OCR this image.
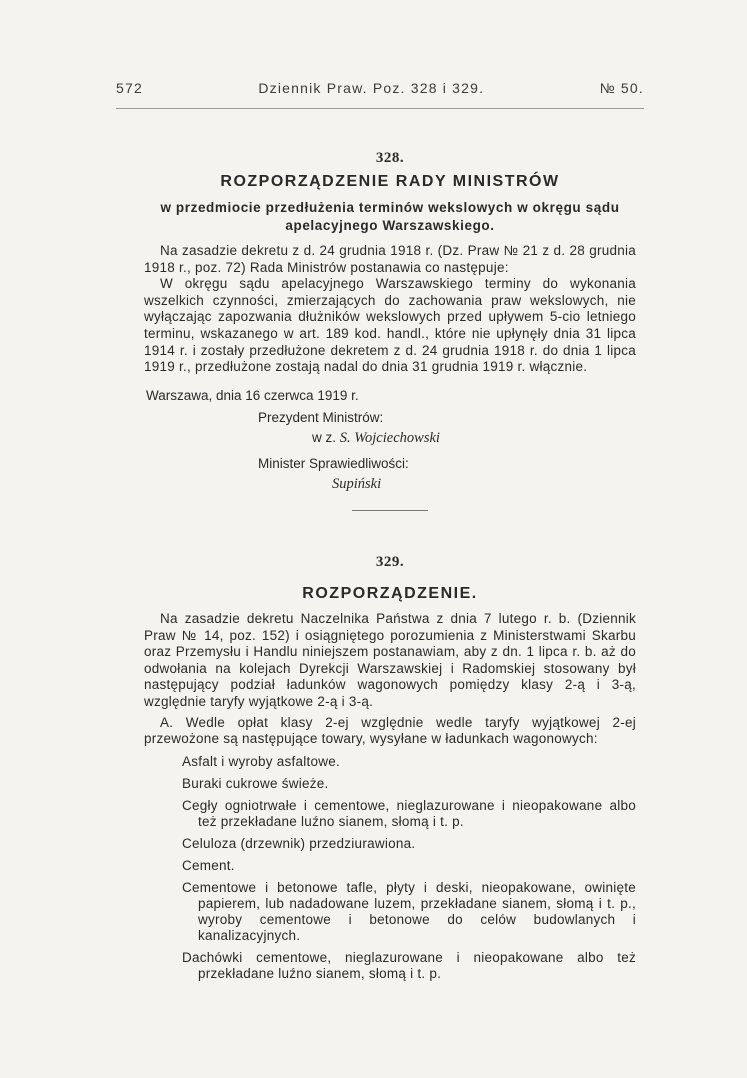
572	Dziennik Praw. Poz. 328 i 329.	№ 50.
328.
ROZPORZĄDZENIE RADY MINISTRÓW
w przedmiocie przedłużenia terminów wekslowych w okręgu sądu apelacyjnego Warszawskiego.

Na zasadzie dekretu z d. 24 grudnia 1918 r. (Dz. Praw № 21 z d. 28 grudnia 1918 r., poz. 72) Rada Ministrów postanawia co następuje:

W okręgu sądu apelacyjnego Warszawskiego terminy do wykonania wszelkich czynności, zmierzających do zachowania praw wekslowych, nie wyłączając zapozwania dłużników wekslowych przed upływem 5-cio letniego terminu, wskazanego w art. 189 kod. handl., które nie upłynęły dnia 31 lipca 1914 r. i zostały przedłużone dekretem z d. 24 grudnia 1918 r. do dnia 1 lipca 1919 r., przedłużone zostają nadal do dnia 31 grudnia 1919 r. włącznie.

Warszawa, dnia 16 czerwca 1919 r.
Prezydent Ministrów:
w z. S. Wojciechowski
Minister Sprawiedliwości:
Supiński
329.
ROZPORZĄDZENIE.

Na zasadzie dekretu Naczelnika Państwa z dnia 7 lutego r. b. (Dziennik Praw № 14, poz. 152) i osiągniętego porozumienia z Ministerstwami Skarbu oraz Przemysłu i Handlu niniejszem postanawiam, aby z dn. 1 lipca r. b. aż do odwołania na kolejach Dyrekcji Warszawskiej i Radomskiej stosowany był następujący podział ładunków wagonowych pomiędzy klasy 2-ą i 3-ą, względnie taryfy wyjątkowe 2-ą i 3-ą.

A. Wedle opłat klasy 2-ej względnie wedle taryfy wyjątkowej 2-ej przewożone są następujące towary, wysyłane w ładunkach wagonowych:

Asfalt i wyroby asfaltowe.

Buraki cukrowe świeże.

Cegły ogniotrwałe i cementowe, nieglazurowane i nieopakowane albo też przekładane luźno sianem, słomą i t. p.

Celuloza (drzewnik) przedziurawiona.

Cement.

Cementowe i betonowe tafle, płyty i deski, nieopakowane, owinięte papierem, lub nadadowane luzem, przekładane sianem, słomą i t. p., wyroby cementowe i betonowe do celów budowlanych i kanalizacyjnych.

Dachówki cementowe, nieglazurowane i nieopakowane albo też przekładane luźno sianem, słomą i t. p.
